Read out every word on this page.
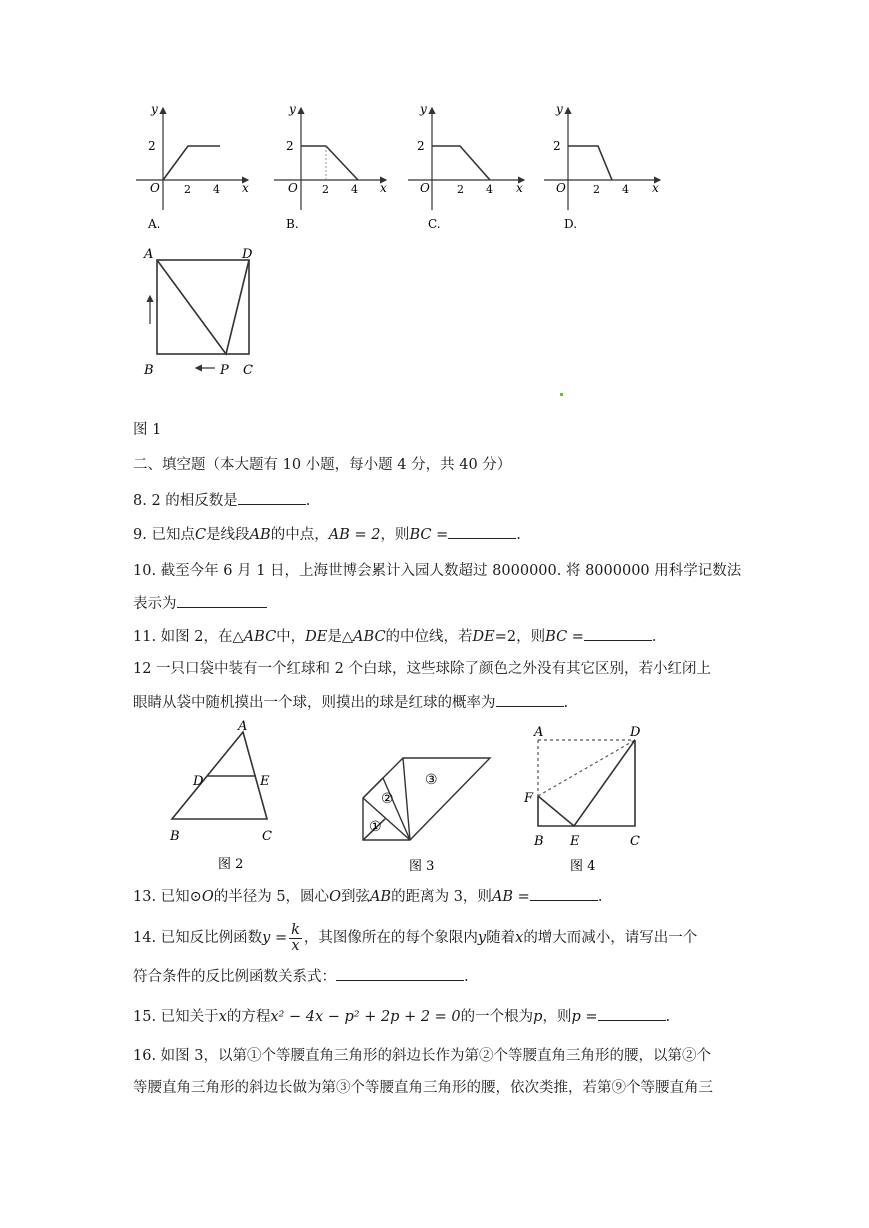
y
x
2
2 4
O
A.
y
x
2
2 4
O
B.
y
x
2
2 4
O
C.
y
x
2
2 4
O
D.
A	D
B	P C
图 1
二、填空题（本大题有 10 小题，每小题 4 分，共 40 分）
8. 2 的相反数是	.
9. 已知点C是线段AB的中点，AB = 2，则BC =	.
10. 截至今年 6 月 1 日，上海世博会累计入园人数超过 8000000. 将 8000000 用科学记数法
表示为
11. 如图 2，在△ABC中，DE是△ABC的中位线，若DE=2，则BC =	.
12 一只口袋中装有一个红球和 2 个白球，这些球除了颜色之外没有其它区别，若小红闭上
眼睛从袋中随机摸出一个球，则摸出的球是红球的概率为	.
A
D	E
B	C
图 2
①
②
③
图 3
A	D
F
B E	C
图 4
13. 已知⊙O的半径为 5，圆心O到弦AB的距离为 3，则AB =	.
14. 已知反比例函数$y = \frac{k}{x}$ ，其图像所在的每个象限内y随着x的增大而减小，请写出一个
符合条件的反比例函数关系式：	.
15. 已知关于x的方程x² − 4x − p² + 2p + 2 = 0的一个根为p，则p =	.
16. 如图 3，以第①个等腰直角三角形的斜边长作为第②个等腰直角三角形的腰，以第②个
等腰直角三角形的斜边长做为第③个等腰直角三角形的腰，依次类推，若第⑨个等腰直角三
